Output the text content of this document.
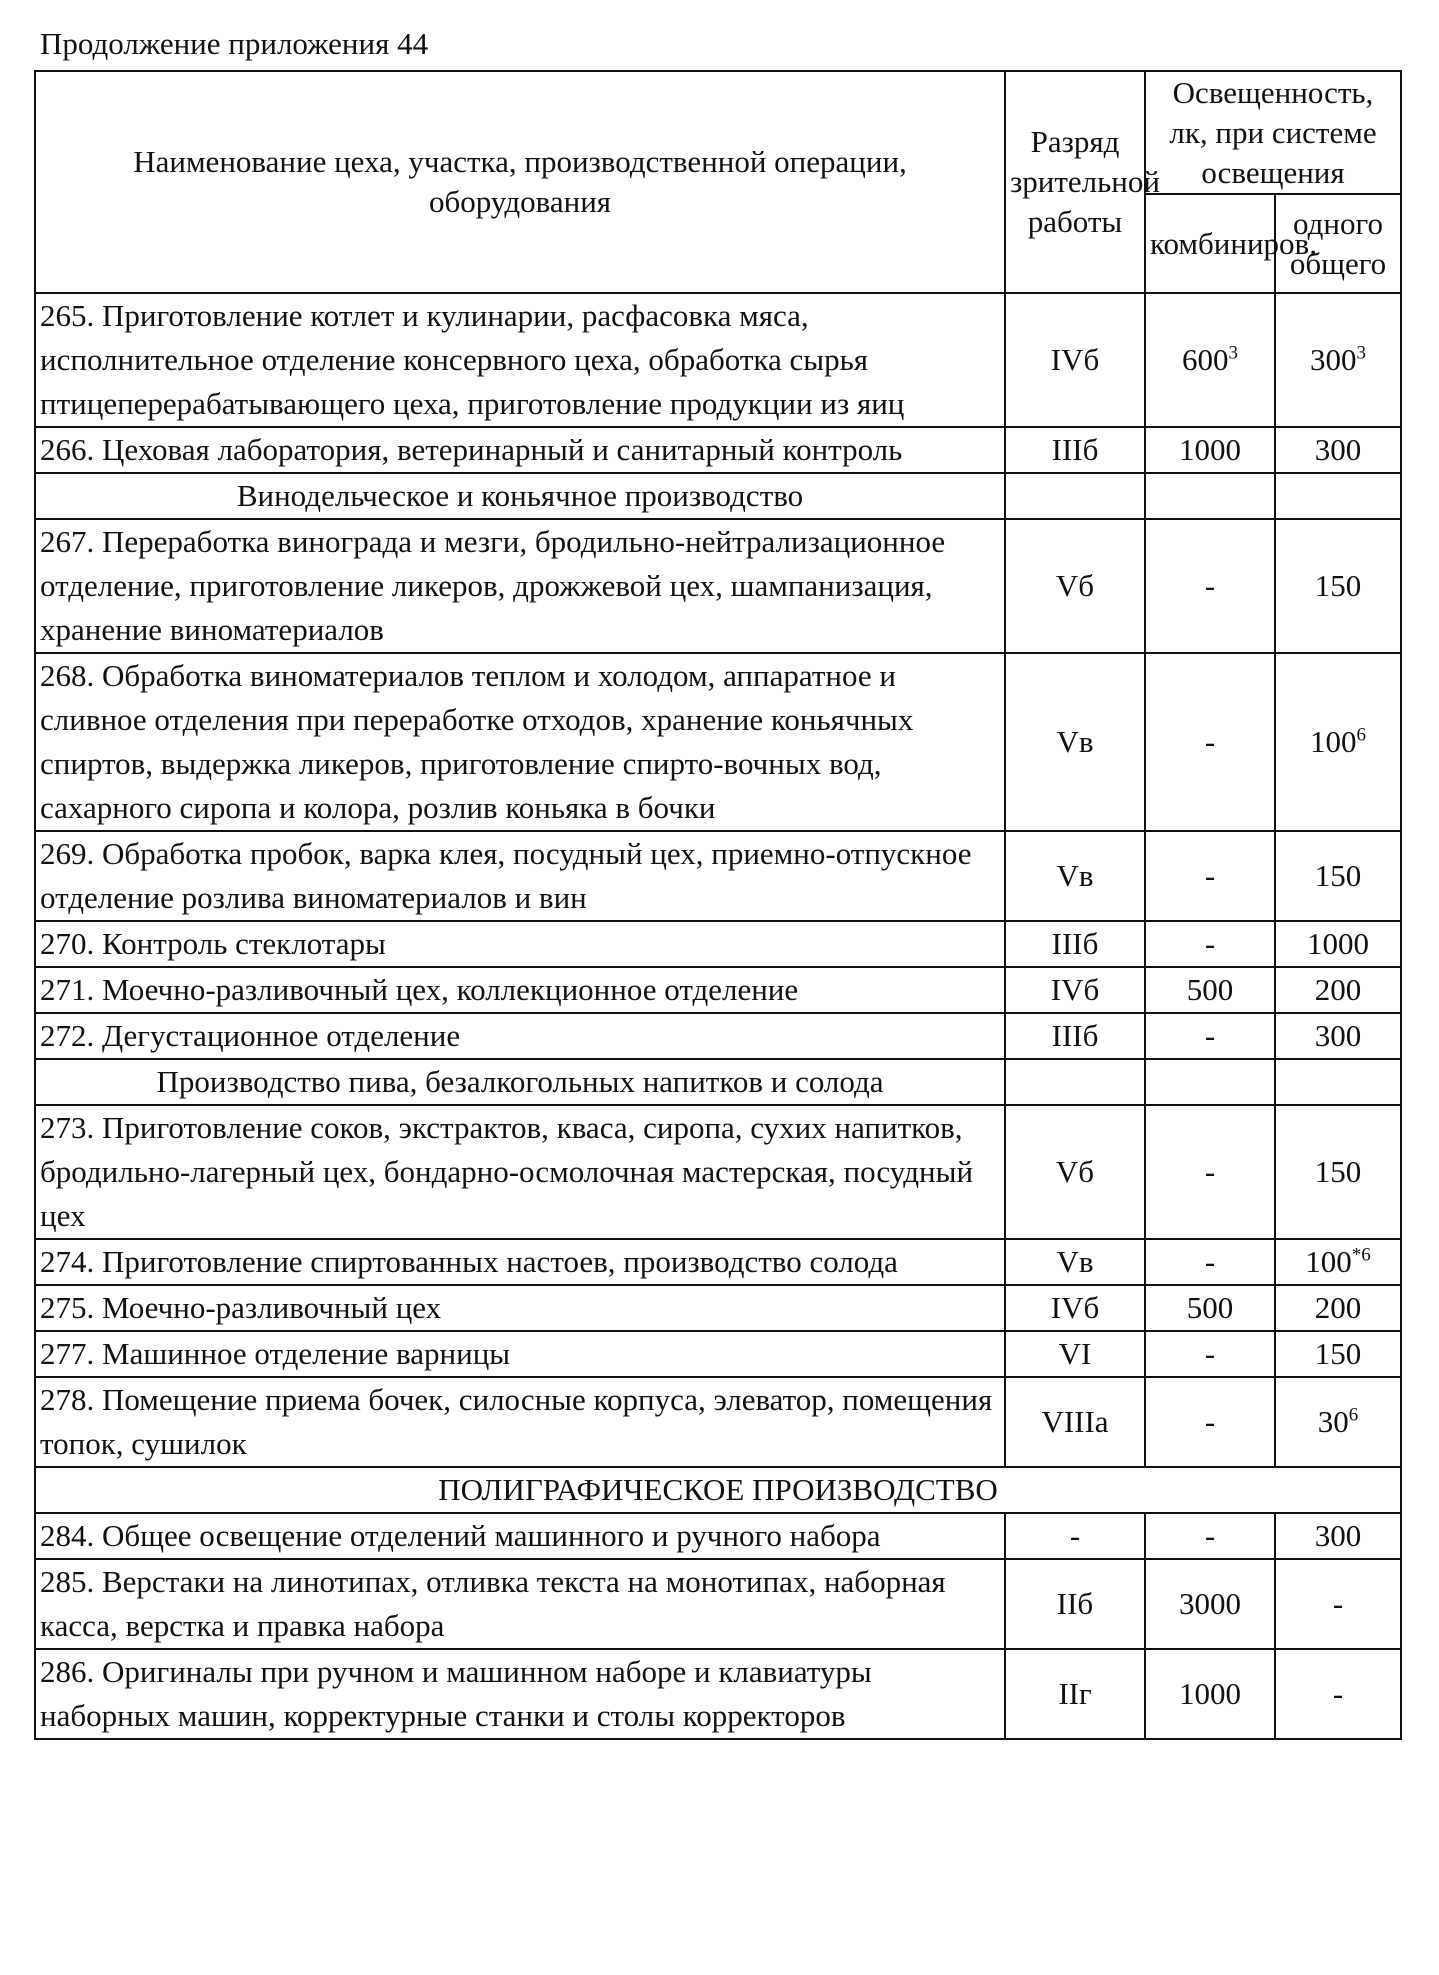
Продолжение приложения 44
Наименование цеха, участка, производственной операции, оборудования	Разряд зрительной работы	Освещенность, лк, при системе освещения	
		комбиниров.	одного общего
265. Приготовление котлет и кулинарии, расфасовка мяса, исполнительное отделение консервного цеха, обработка сырья птицеперерабатывающего цеха, приготовление продукции из яиц	IVб	$600^3$	$300^3$
266. Цеховая лаборатория, ветеринарный и санитарный контроль	IIIб	1000	300
Винодельческое и коньячное производство			
267. Переработка винограда и мезги, бродильно-нейтрализационное отделение, приготовление ликеров, дрожжевой цех, шампанизация, хранение виноматериалов	Vб	-	150
268. Обработка виноматериалов теплом и холодом, аппаратное и сливное отделения при переработке отходов, хранение коньячных спиртов, выдержка ликеров, приготовление спирто-вочных вод, сахарного сиропа и колора, розлив коньяка в бочки	Vв	-	$100^6$
269. Обработка пробок, варка клея, посудный цех, приемно-отпускное отделение розлива виноматериалов и вин	Vв	-	150
270. Контроль стеклотары	IIIб	-	1000
271. Моечно-разливочный цех, коллекционное отделение	IVб	500	200
272. Дегустационное отделение	IIIб	-	300
Производство пива, безалкогольных напитков и солода			
273. Приготовление соков, экстрактов, кваса, сиропа, сухих напитков, бродильно-лагерный цех, бондарно-осмолочная мастерская, посудный цех	Vб	-	150
274. Приготовление спиртованных настоев, производство солода	Vв	-	100$^{*6}$
275. Моечно-разливочный цех	IVб	500	200
277. Машинное отделение варницы	VI	-	150
278. Помещение приема бочек, силосные корпуса, элеватор, помещения топок, сушилок	VIIIa	-	$30^6$
ПОЛИГРАФИЧЕСКОЕ ПРОИЗВОДСТВО			
284. Общее освещение отделений машинного и ручного набора	-	-	300
285. Верстаки на линотипах, отливка текста на монотипах, наборная касса, верстка и правка набора	IIб	3000	-
286. Оригиналы при ручном и машинном наборе и клавиатуры наборных машин, корректурные станки и столы корректоров	IIг	1000	-
